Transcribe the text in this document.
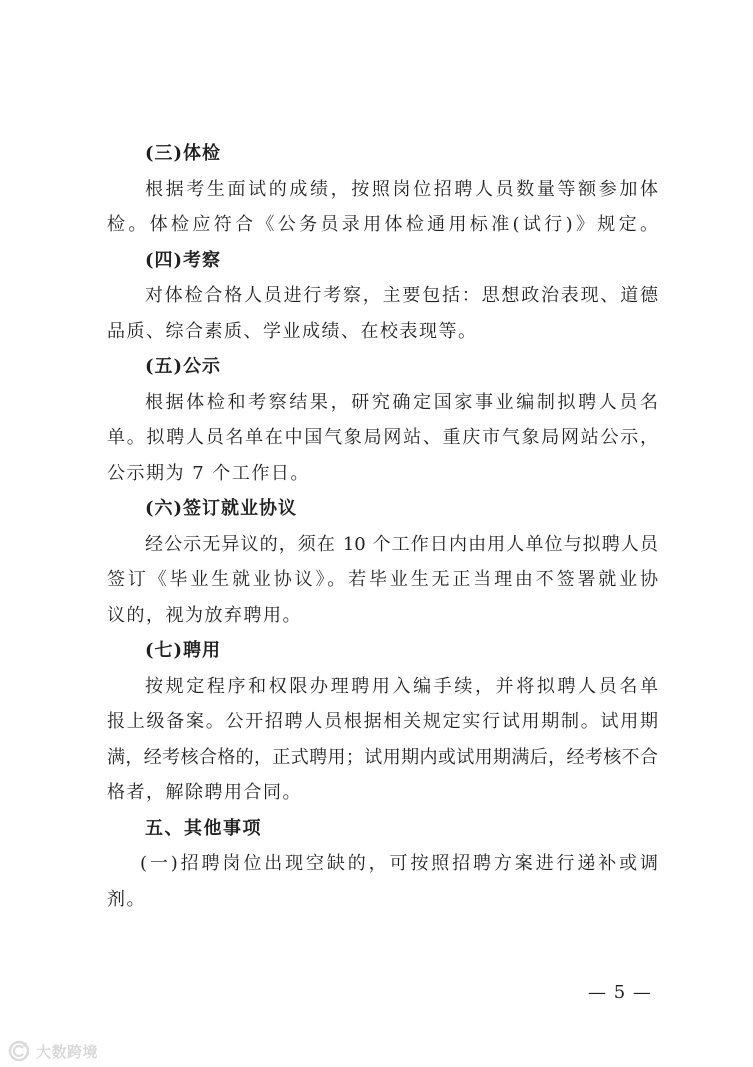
(三)体检
根据考生面试的成绩，按照岗位招聘人员数量等额参加体
检。体检应符合《公务员录用体检通用标准(试行)》规定。
(四)考察
对体检合格人员进行考察，主要包括：思想政治表现、道德
品质、综合素质、学业成绩、在校表现等。
(五)公示
根据体检和考察结果，研究确定国家事业编制拟聘人员名
单。拟聘人员名单在中国气象局网站、重庆市气象局网站公示，
公示期为 7 个工作日。
(六)签订就业协议
经公示无异议的，须在 10 个工作日内由用人单位与拟聘人员
签订《毕业生就业协议》。若毕业生无正当理由不签署就业协
议的，视为放弃聘用。
(七)聘用
按规定程序和权限办理聘用入编手续，并将拟聘人员名单
报上级备案。公开招聘人员根据相关规定实行试用期制。试用期
满，经考核合格的，正式聘用；试用期内或试用期满后，经考核不合
格者，解除聘用合同。
五、其他事项
(一)招聘岗位出现空缺的，可按照招聘方案进行递补或调
剂。
— 5 —
大数跨境
